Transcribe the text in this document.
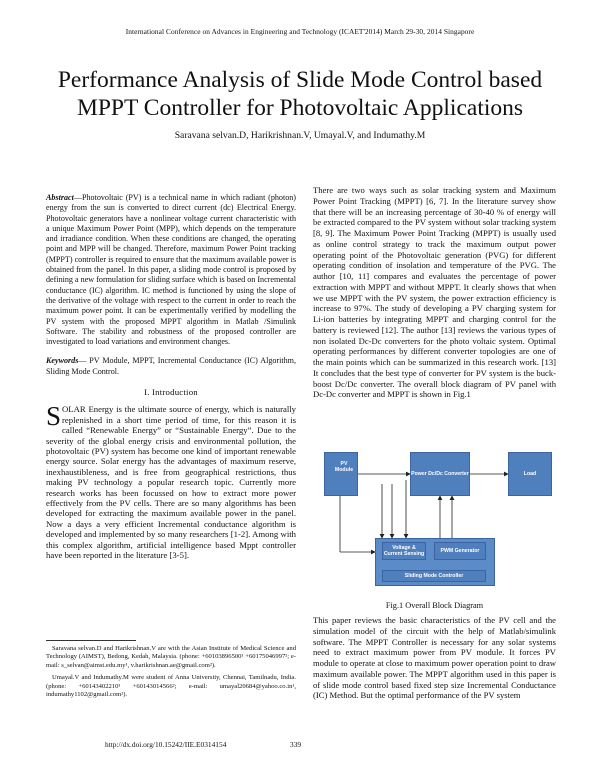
International Conference on Advances in Engineering and Technology (ICAET'2014) March 29-30, 2014 Singapore
Performance Analysis of Slide Mode Control based
MPPT Controller for Photovoltaic Applications
Saravana selvan.D, Harikrishnan.V, Umayal.V, and Indumathy.M

Abstract—Photovoltaic (PV) is a technical name in which radiant (photon) energy from the sun is converted to direct current (dc) Electrical Energy. Photovoltaic generators have a nonlinear voltage current characteristic with a unique Maximum Power Point (MPP), which depends on the temperature and irradiance condition. When these conditions are changed, the operating point and MPP will be changed. Therefore, maximum Power Point tracking (MPPT) controller is required to ensure that the maximum available power is obtained from the panel. In this paper, a sliding mode control is proposed by defining a new formulation for sliding surface which is based on Incremental conductance (IC) algorithm. IC method is functioned by using the slope of the derivative of the voltage with respect to the current in order to reach the maximum power point. It can be experimentally verified by modelling the PV system with the proposed MPPT algorithm in Matlab /Simulink Software. The stability and robustness of the proposed controller are investigated to load variations and environment changes.

Keywords— PV Module, MPPT, Incremental Conductance (IC) Algorithm, Sliding Mode Control.

I. Introduction

SOLAR Energy is the ultimate source of energy, which is naturally replenished in a short time period of time, for this reason it is called “Renewable Energy” or “Sustainable Energy”. Due to the severity of the global energy crisis and environmental pollution, the photovoltaic (PV) system has become one kind of important renewable energy source. Solar energy has the advantages of maximum reserve, inexhaustibleness, and is free from geographical restrictions, thus making PV technology a popular research topic. Currently more research works has been focussed on how to extract more power effectively from the PV cells. There are so many algorithms has been developed for extracting the maximum available power in the panel. Now a days a very efficient Incremental conductance algorithm is developed and implemented by so many researchers [1-2]. Among with this complex algorithm, artificial intelligence based Mppt controller have been reported in the literature [3-5].

Saravana selvan.D and Harikrishnan.V are with the Asian Institute of Medical Science and Technology (AIMST), Bedong, Kedah, Malaysia. (phone: +60103896500¹ +60175046997²; e-mail: s_selvan@aimst.edu.my¹, v.harikrishnan.ae@gmail.com²).

Umayal.V and Indumathy.M were student of Anna University, Chennai, Tamilnadu, India. (phone: +60143402210¹ +60143014566²; e-mail: umayal20684@yahoo.co.in¹, indumathy1102@gmail.com²).

There are two ways such as solar tracking system and Maximum Power Point Tracking (MPPT) [6, 7]. In the literature survey show that there will be an increasing percentage of 30-40 % of energy will be extracted compared to the PV system without solar tracking system [8, 9]. The Maximum Power Point Tracking (MPPT) is usually used as online control strategy to track the maximum output power operating point of the Photovoltaic generation (PVG) for different operating condition of insolation and temperature of the PVG. The author [10, 11] compares and evaluates the percentage of power extraction with MPPT and without MPPT. It clearly shows that when we use MPPT with the PV system, the power extraction efficiency is increase to 97%. The study of developing a PV charging system for Li-ion batteries by integrating MPPT and charging control for the battery is reviewed [12]. The author [13] reviews the various types of non isolated Dc-Dc converters for the photo voltaic system. Optimal operating performances by different converter topologies are one of the main points which can be summarized in this research work. [13] It concludes that the best type of converter for PV system is the buck-boost Dc/Dc converter. The overall block diagram of PV panel with Dc-Dc converter and MPPT is shown in Fig.1

PV Module
Power Dc/Dc Converter	Load
Voltage & Current Sensing	PWM Generator
Sliding Mode Controller
Fig.1 Overall Block Diagram

This paper reviews the basic characteristics of the PV cell and the simulation model of the circuit with the help of Matlab/simulink software. The MPPT Controller is necessary for any solar systems need to extract maximum power from PV module. It forces PV module to operate at close to maximum power operation point to draw maximum available power. The MPPT algorithm used in this paper is of slide mode control based fixed step size Incremental Conductance (IC) Method. But the optimal performance of the PV system

http://dx.doi.org/10.15242/IIE.E0314154	339
